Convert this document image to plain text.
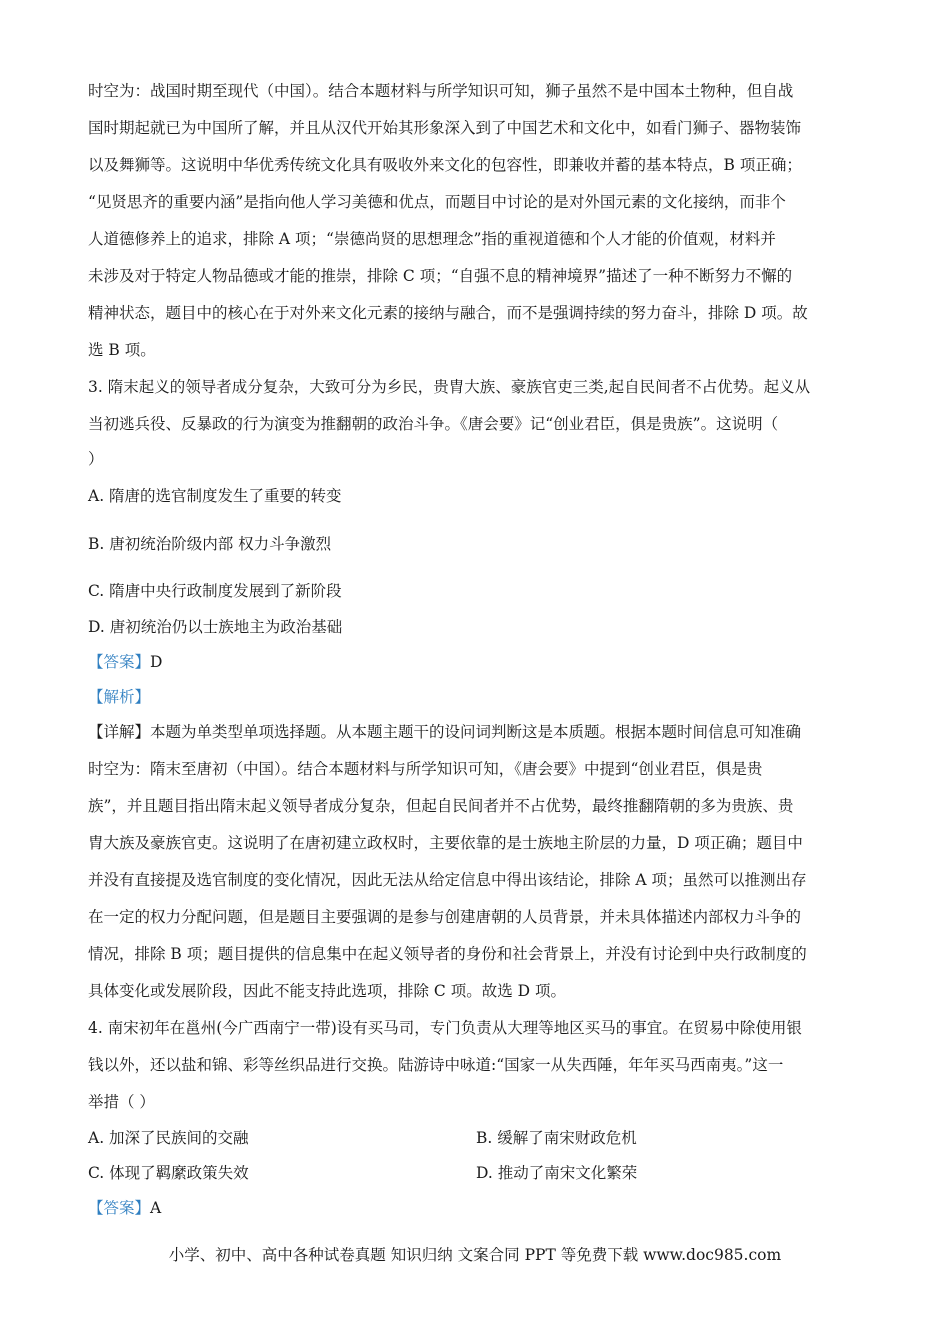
时空为：战国时期至现代（中国）。结合本题材料与所学知识可知，狮子虽然不是中国本土物种，但自战
国时期起就已为中国所了解，并且从汉代开始其形象深入到了中国艺术和文化中，如看门狮子、器物装饰
以及舞狮等。这说明中华优秀传统文化具有吸收外来文化的包容性，即兼收并蓄的基本特点，B 项正确；
“见贤思齐的重要内涵”是指向他人学习美德和优点，而题目中讨论的是对外国元素的文化接纳，而非个
人道德修养上的追求，排除 A 项；“崇德尚贤的思想理念”指的重视道德和个人才能的价值观，材料并
未涉及对于特定人物品德或才能的推崇，排除 C 项；“自强不息的精神境界”描述了一种不断努力不懈的
精神状态，题目中的核心在于对外来文化元素的接纳与融合，而不是强调持续的努力奋斗，排除 D 项。故
选 B 项。
3. 隋末起义的领导者成分复杂，大致可分为乡民，贵胄大族、豪族官吏三类,起自民间者不占优势。起义从
当初逃兵役、反暴政的行为演变为推翻朝的政治斗争。《唐会要》记“创业君臣，俱是贵族”。这说明（
）
A. 隋唐的选官制度发生了重要的转变
B. 唐初统治阶级内部 权力斗争激烈
C. 隋唐中央行政制度发展到了新阶段
D. 唐初统治仍以士族地主为政治基础
【答案】D
【解析】
【详解】本题为单类型单项选择题。从本题主题干的设问词判断这是本质题。根据本题时间信息可知准确
时空为：隋末至唐初（中国）。结合本题材料与所学知识可知，《唐会要》中提到“创业君臣，俱是贵
族”，并且题目指出隋末起义领导者成分复杂，但起自民间者并不占优势，最终推翻隋朝的多为贵族、贵
胄大族及豪族官吏。这说明了在唐初建立政权时，主要依靠的是士族地主阶层的力量，D 项正确；题目中
并没有直接提及选官制度的变化情况，因此无法从给定信息中得出该结论，排除 A 项；虽然可以推测出存
在一定的权力分配问题，但是题目主要强调的是参与创建唐朝的人员背景，并未具体描述内部权力斗争的
情况，排除 B 项；题目提供的信息集中在起义领导者的身份和社会背景上，并没有讨论到中央行政制度的
具体变化或发展阶段，因此不能支持此选项，排除 C 项。故选 D 项。
4. 南宋初年在邕州(今广西南宁一带)设有买马司，专门负责从大理等地区买马的事宜。在贸易中除使用银
钱以外，还以盐和锦、彩等丝织品进行交换。陆游诗中咏道:“国家一从失西陲，年年买马西南夷。”这一
举措（ ）
A. 加深了民族间的交融	B. 缓解了南宋财政危机
C. 体现了羁縻政策失效	D. 推动了南宋文化繁荣
【答案】A
小学、初中、高中各种试卷真题 知识归纳 文案合同 PPT 等免费下载 www.doc985.com
